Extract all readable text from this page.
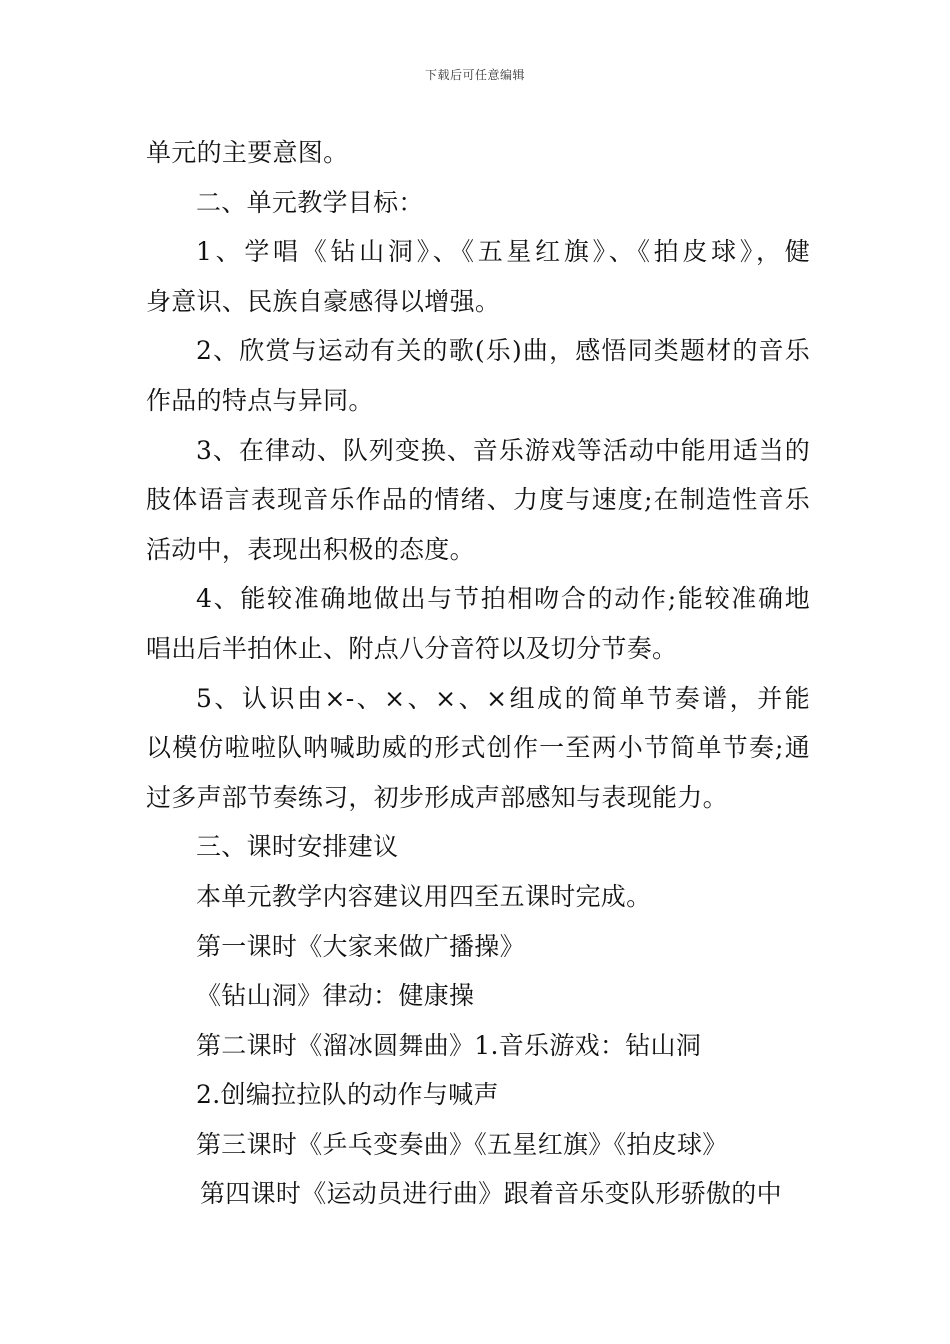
下载后可任意编辑
单元的主要意图。
二、单元教学目标：
1、学唱《钻山洞》、《五星红旗》、《拍皮球》，健
身意识、民族自豪感得以增强。
2、欣赏与运动有关的歌(乐)曲，感悟同类题材的音乐
作品的特点与异同。
3、在律动、队列变换、音乐游戏等活动中能用适当的
肢体语言表现音乐作品的情绪、力度与速度;在制造性音乐
活动中，表现出积极的态度。
4、能较准确地做出与节拍相吻合的动作;能较准确地
唱出后半拍休止、附点八分音符以及切分节奏。
5、认识由×-、×、×、×组成的简单节奏谱，并能
以模仿啦啦队呐喊助威的形式创作一至两小节简单节奏;通
过多声部节奏练习，初步形成声部感知与表现能力。
三、课时安排建议
本单元教学内容建议用四至五课时完成。
第一课时《大家来做广播操》
《钻山洞》律动：健康操
第二课时《溜冰圆舞曲》1.音乐游戏：钻山洞
2.创编拉拉队的动作与喊声
第三课时《乒乓变奏曲》《五星红旗》《拍皮球》
第四课时《运动员进行曲》跟着音乐变队形骄傲的中
